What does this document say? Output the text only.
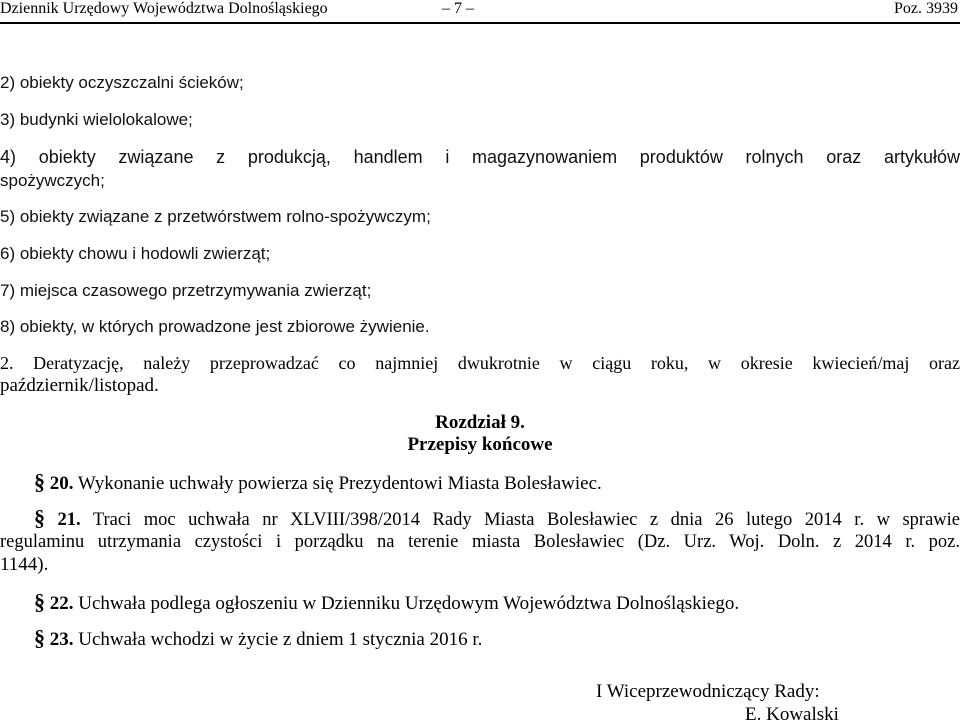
Dziennik Urzędowy Województwa Dolnośląskiego	– 7 –	Poz. 3939
2) obiekty oczyszczalni ścieków;
3) budynki wielolokalowe;
4) obiekty związane z produkcją, handlem i magazynowaniem produktów rolnych oraz artykułów
spożywczych;
5) obiekty związane z przetwórstwem rolno-spożywczym;
6) obiekty chowu i hodowli zwierząt;
7) miejsca czasowego przetrzymywania zwierząt;
8) obiekty, w których prowadzone jest zbiorowe żywienie.
2. Deratyzację, należy przeprowadzać co najmniej dwukrotnie w ciągu roku, w okresie kwiecień/maj oraz
październik/listopad.
Rozdział 9.
Przepisy końcowe
§ 20. Wykonanie uchwały powierza się Prezydentowi Miasta Bolesławiec.
§ 21. Traci moc uchwała nr XLVIII/398/2014 Rady Miasta Bolesławiec z dnia 26 lutego 2014 r. w sprawie
regulaminu utrzymania czystości i porządku na terenie miasta Bolesławiec (Dz. Urz. Woj. Doln. z 2014 r. poz.
1144).
§ 22. Uchwała podlega ogłoszeniu w Dzienniku Urzędowym Województwa Dolnośląskiego.
§ 23. Uchwała wchodzi w życie z dniem 1 stycznia 2016 r.
I Wiceprzewodniczący Rady:
E. Kowalski
